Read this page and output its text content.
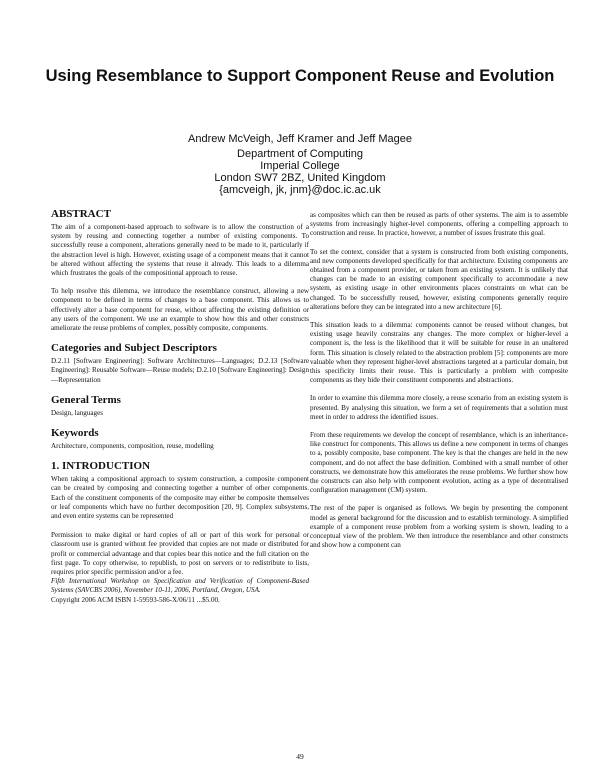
Using Resemblance to Support Component Reuse and Evolution
Andrew McVeigh, Jeff Kramer and Jeff Magee
Department of Computing
Imperial College
London SW7 2BZ, United Kingdom
{amcveigh, jk, jnm}@doc.ic.ac.uk
ABSTRACT

The aim of a component-based approach to software is to allow the construction of a system by reusing and connecting together a number of existing components. To successfully reuse a component, alterations generally need to be made to it, particularly if the abstraction level is high. However, existing usage of a component means that it cannot be altered without affecting the systems that reuse it already. This leads to a dilemma which frustrates the goals of the compositional approach to reuse.

To help resolve this dilemma, we introduce the resemblance construct, allowing a new component to be defined in terms of changes to a base component. This allows us to effectively alter a base component for reuse, without affecting the existing definition or any users of the component. We use an example to show how this and other constructs ameliorate the reuse problems of complex, possibly composite, components.

Categories and Subject Descriptors

D.2.11 [Software Engineering]: Software Architectures—Languages; D.2.13 [Software Engineering]: Reusable Software—Reuse models; D.2.10 [Software Engineering]: Design—Representation

General Terms

Design, languages

Keywords

Architecture, components, composition, reuse, modelling

1. INTRODUCTION

When taking a compositional approach to system construction, a composite component can be created by composing and connecting together a number of other components. Each of the constituent components of the composite may either be composite themselves or leaf components which have no further decomposition [20, 9]. Complex subsystems, and even entire systems can be represented

Permission to make digital or hard copies of all or part of this work for personal or classroom use is granted without fee provided that copies are not made or distributed for profit or commercial advantage and that copies bear this notice and the full citation on the first page. To copy otherwise, to republish, to post on servers or to redistribute to lists, requires prior specific permission and/or a fee.

Fifth International Workshop on Specification and Verification of Component-Based Systems (SAVCBS 2006), November 10-11, 2006, Portland, Oregon, USA.

Copyright 2006 ACM ISBN 1-59593-586-X/06/11 ...$5.00.

as composites which can then be reused as parts of other systems. The aim is to assemble systems from increasingly higher-level components, offering a compelling approach to construction and reuse. In practice, however, a number of issues frustrate this goal.

To set the context, consider that a system is constructed from both existing components, and new components developed specifically for that architecture. Existing components are obtained from a component provider, or taken from an existing system. It is unlikely that changes can be made to an existing component specifically to accommodate a new system, as existing usage in other environments places constraints on what can be changed. To be successfully reused, however, existing components generally require alterations before they can be integrated into a new architecture [6].

This situation leads to a dilemma: components cannot be reused without changes, but existing usage heavily constrains any changes. The more complex or higher-level a component is, the less is the likelihood that it will be suitable for reuse in an unaltered form. This situation is closely related to the abstraction problem [5]: components are more valuable when they represent higher-level abstractions targeted at a particular domain, but this specificity limits their reuse. This is particularly a problem with composite components as they hide their constituent components and abstractions.

In order to examine this dilemma more closely, a reuse scenario from an existing system is presented. By analysing this situation, we form a set of requirements that a solution must meet in order to address the identified issues.

From these requirements we develop the concept of resemblance, which is an inheritance-like construct for components. This allows us define a new component in terms of changes to a, possibly composite, base component. The key is that the changes are held in the new component, and do not affect the base definition. Combined with a small number of other constructs, we demonstrate how this ameliorates the reuse problems. We further show how the constructs can also help with component evolution, acting as a type of decentralised configuration management (CM) system.

The rest of the paper is organised as follows. We begin by presenting the component model as general background for the discussion and to establish terminology. A simplified example of a component reuse problem from a working system is shown, leading to a conceptual view of the problem. We then introduce the resemblance and other constructs and show how a component can

49
